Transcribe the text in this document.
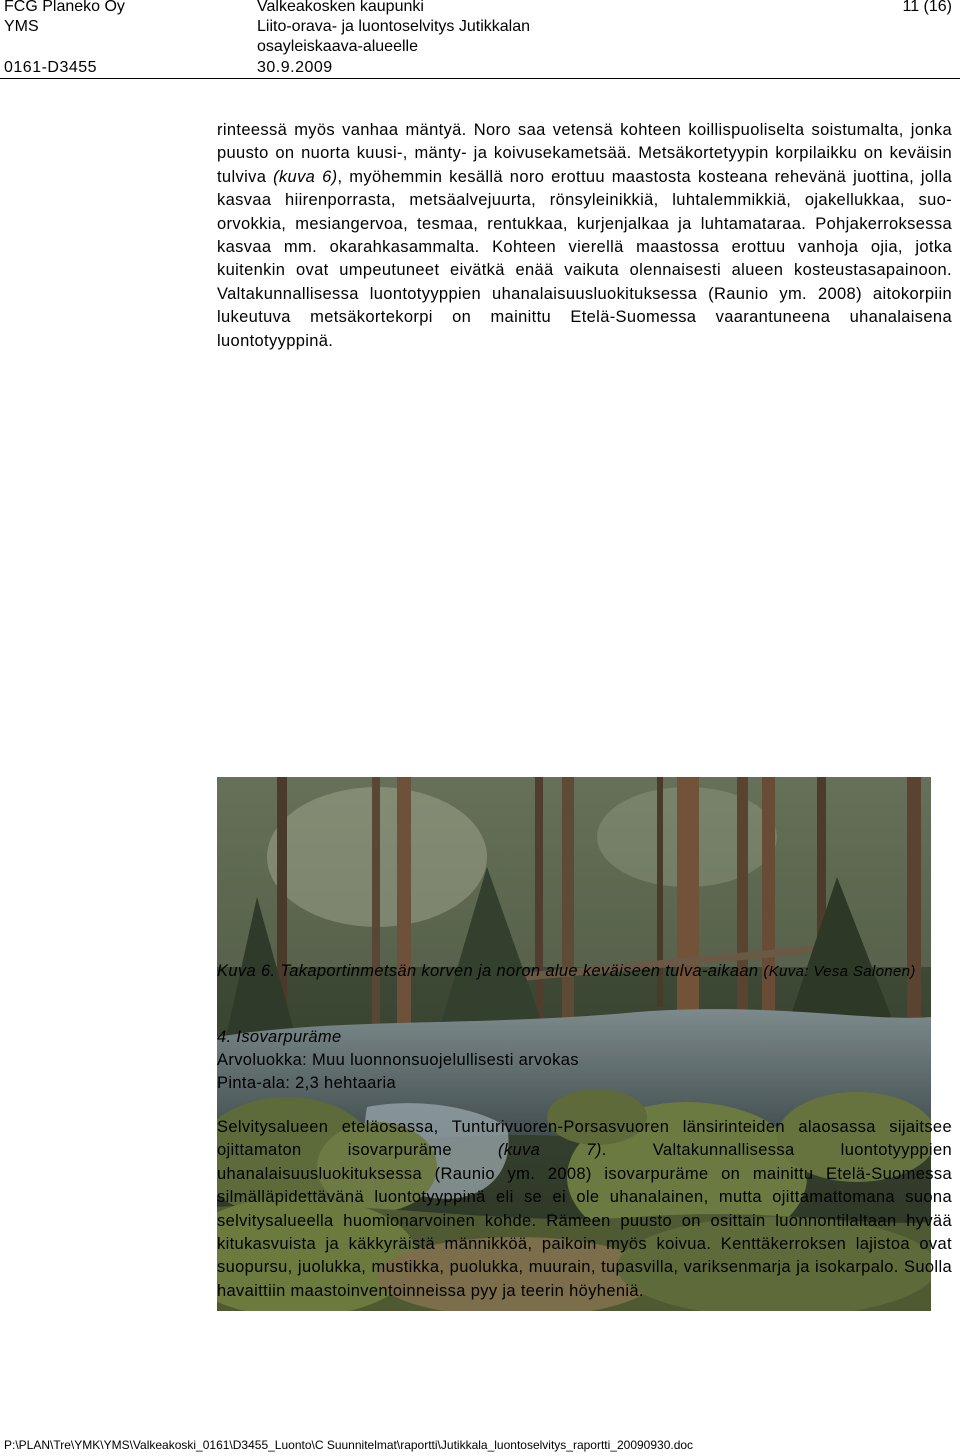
FCG Planeko Oy
YMS
0161-D3455
Valkeakosken kaupunki
Liito-orava- ja luontoselvitys Jutikkalan
osayleiskaava-alueelle
30.9.2009
11 (16)

rinteessä myös vanhaa mäntyä. Noro saa vetensä kohteen koillispuoliselta soistumalta, jonka puusto on nuorta kuusi-, mänty- ja koivusekametsää. Metsäkortetyypin korpilaikku on keväisin tulviva (kuva 6), myöhemmin kesällä noro erottuu maastosta kosteana rehevänä juottina, jolla kasvaa hiirenporrasta, metsäalvejuurta, rönsyleinikkiä, luhtalemmikkiä, ojakellukkaa, suo-orvokkia, mesiangervoa, tesmaa, rentukkaa, kurjenjalkaa ja luhtamataraa. Pohjakerroksessa kasvaa mm. okarahkasammalta. Kohteen vierellä maastossa erottuu vanhoja ojia, jotka kuitenkin ovat umpeutuneet eivätkä enää vaikuta olennaisesti alueen kosteustasapainoon. Valtakunnallisessa luontotyyppien uhanalaisuusluokituksessa (Raunio ym. 2008) aitokorpiin lukeutuva metsäkortekorpi on mainittu Etelä-Suomessa vaarantuneena uhanalaisena luontotyyppinä.

Kuva 6. Takaportinmetsän korven ja noron alue keväiseen tulva-aikaan (Kuva: Vesa Salonen)
4. Isovarpuräme
Arvoluokka: Muu luonnonsuojelullisesti arvokas
Pinta-ala: 2,3 hehtaaria

Selvitysalueen eteläosassa, Tunturivuoren-Porsasvuoren länsirinteiden alaosassa sijaitsee ojittamaton isovarpuräme (kuva 7). Valtakunnallisessa luontotyyppien uhanalaisuusluokituksessa (Raunio ym. 2008) isovarpuräme on mainittu Etelä-Suomessa silmälläpidettävänä luontotyyppinä eli se ei ole uhanalainen, mutta ojittamattomana suona selvitysalueella huomionarvoinen kohde. Rämeen puusto on osittain luonnontilaltaan hyvää kitukasvuista ja käkkyräistä männikköä, paikoin myös koivua. Kenttäkerroksen lajistoa ovat suopursu, juolukka, mustikka, puolukka, muurain, tupasvilla, variksenmarja ja isokarpalo. Suolla havaittiin maastoinventoinneissa pyy ja teerin höyheniä.

P:\PLAN\Tre\YMK\YMS\Valkeakoski_0161\D3455_Luonto\C Suunnitelmat\raportti\Jutikkala_luontoselvitys_raportti_20090930.doc
